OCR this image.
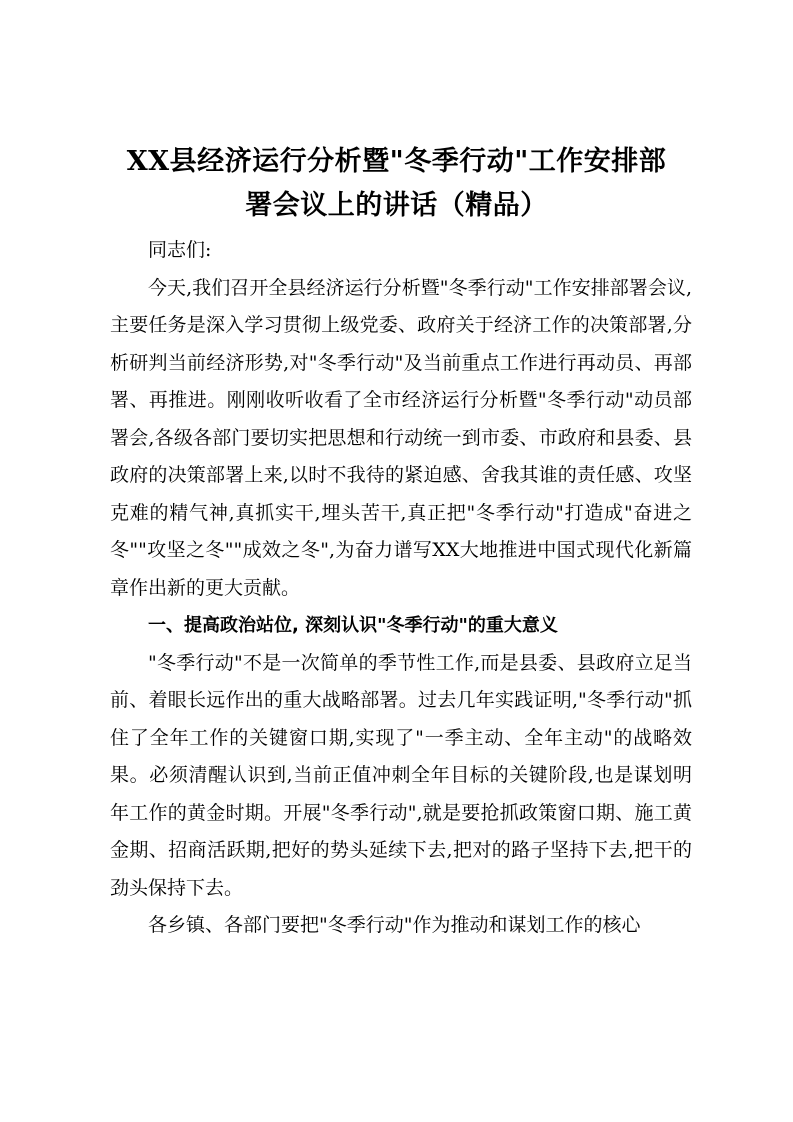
XX县经济运行分析暨"冬季行动"工作安排部
署会议上的讲话（精品）

同志们:

今天,我们召开全县经济运行分析暨"冬季行动"工作安排部署会议,主要任务是深入学习贯彻上级党委、政府关于经济工作的决策部署,分析研判当前经济形势,对"冬季行动"及当前重点工作进行再动员、再部署、再推进。刚刚收听收看了全市经济运行分析暨"冬季行动"动员部署会,各级各部门要切实把思想和行动统一到市委、市政府和县委、县政府的决策部署上来,以时不我待的紧迫感、舍我其谁的责任感、攻坚克难的精气神,真抓实干,埋头苦干,真正把"冬季行动"打造成"奋进之冬""攻坚之冬""成效之冬",为奋力谱写XX大地推进中国式现代化新篇章作出新的更大贡献。

一、提高政治站位, 深刻认识"冬季行动"的重大意义

"冬季行动"不是一次简单的季节性工作,而是县委、县政府立足当前、着眼长远作出的重大战略部署。过去几年实践证明,"冬季行动"抓住了全年工作的关键窗口期,实现了"一季主动、全年主动"的战略效果。必须清醒认识到,当前正值冲刺全年目标的关键阶段,也是谋划明年工作的黄金时期。开展"冬季行动",就是要抢抓政策窗口期、施工黄金期、招商活跃期,把好的势头延续下去,把对的路子坚持下去,把干的劲头保持下去。

各乡镇、各部门要把"冬季行动"作为推动和谋划工作的核心
